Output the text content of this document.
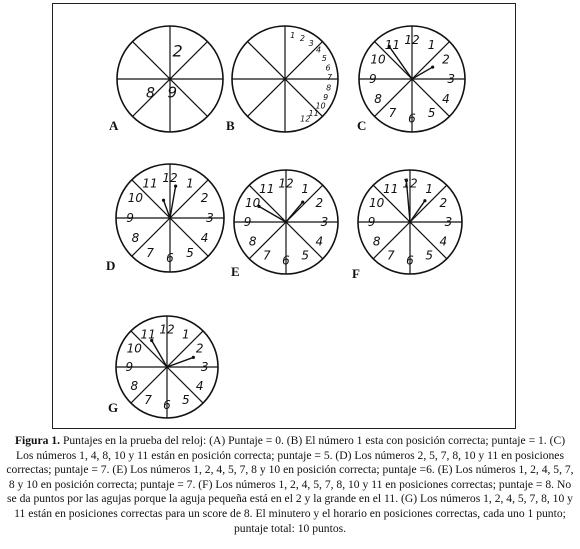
2
8 9
A
1 2
3
4
5
6
7
8
9
10
11
12
B
12 1
2
3
4
5
6
7
8
9
10
11
C
12 1
2
3
4
5
6
7
8
9
10
11
D
12 1
2
3
4
5
6
7
8
9
10
11
E
12 1
2
3
4
5
6
7
8
9
10
11
F
12 1
2
3
4
5
6
7
8
9
10
11
G
Figura 1. Puntajes en la prueba del reloj: (A) Puntaje = 0. (B) El número 1 esta con posición correcta; puntaje = 1. (C) Los números 1, 4, 8, 10 y 11 están en posición correcta; puntaje = 5. (D) Los números 2, 5, 7, 8, 10 y 11 en posiciones correctas; puntaje = 7. (E) Los números 1, 2, 4, 5, 7, 8 y 10 en posición correcta; puntaje =6. (E) Los números 1, 2, 4, 5, 7, 8 y 10 en posición correcta; puntaje = 7. (F) Los números 1, 2, 4, 5, 7, 8, 10 y 11 en posiciones correctas; puntaje = 8. No se da puntos por las agujas porque la aguja pequeña está en el 2 y la grande en el 11. (G) Los números 1, 2, 4, 5, 7, 8, 10 y 11 están en posiciones correctas para un score de 8. El minutero y el horario en posiciones correctas, cada uno 1 punto; puntaje total: 10 puntos.
